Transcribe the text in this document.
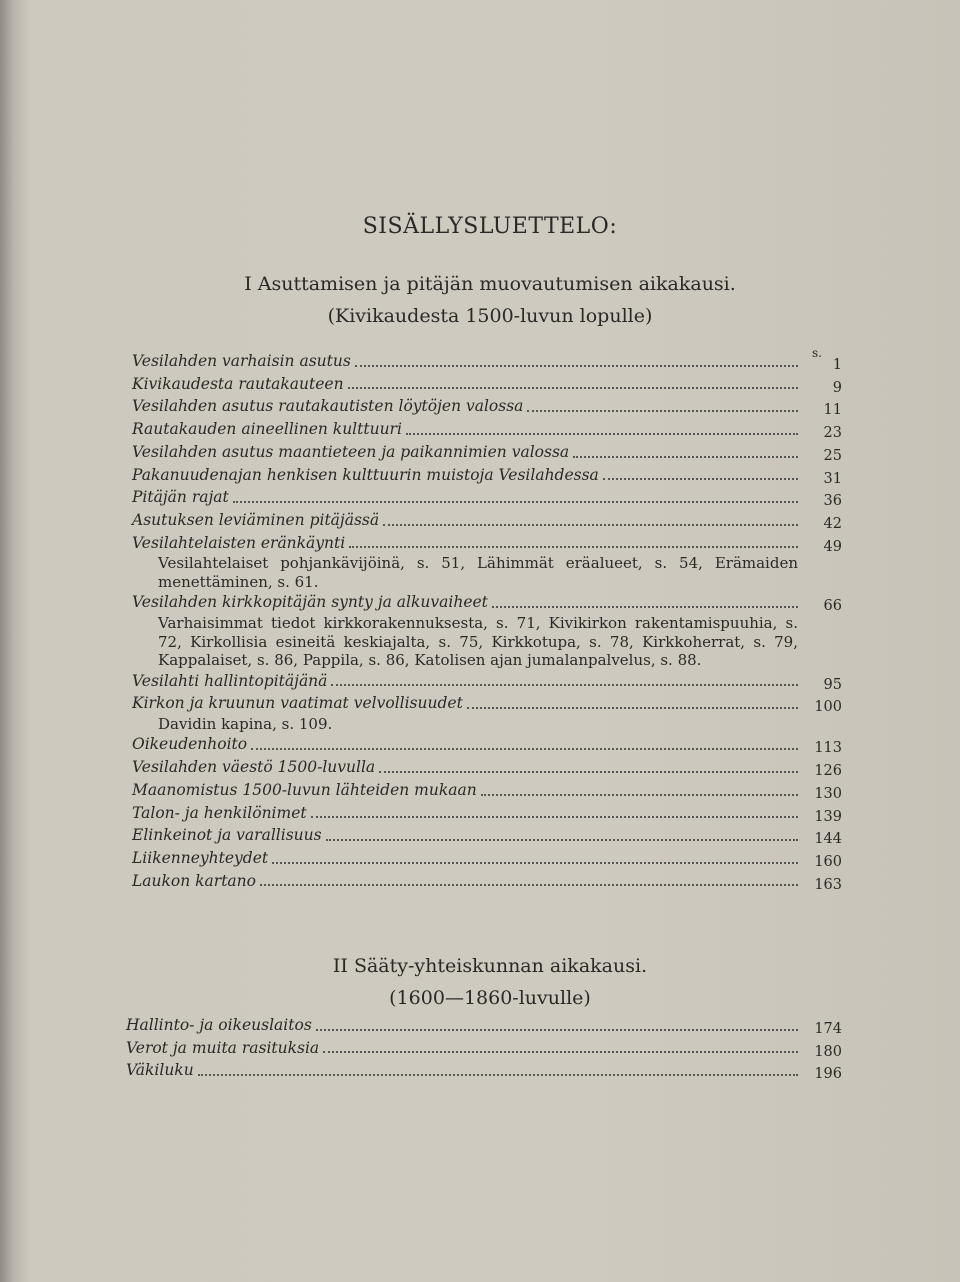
SISÄLLYSLUETTELO:
I Asuttamisen ja pitäjän muovautumisen aikakausi.
(Kivikaudesta 1500-luvun lopulle)
s.
Vesilahden varhaisin asutus	1
Kivikaudesta rautakauteen	9
Vesilahden asutus rautakautisten löytöjen valossa	11
Rautakauden aineellinen kulttuuri	23
Vesilahden asutus maantieteen ja paikannimien valossa	25
Pakanuudenajan henkisen kulttuurin muistoja Vesilahdessa	31
Pitäjän rajat	36
Asutuksen leviäminen pitäjässä	42
Vesilahtelaisten eränkäynti	49
Vesilahtelaiset pohjankävijöinä, s. 51, Lähimmät eräalueet, s. 54, Erämaiden menettäminen, s. 61.
Vesilahden kirkkopitäjän synty ja alkuvaiheet	66
Varhaisimmat tiedot kirkkorakennuksesta, s. 71, Kivikirkon rakentamispuuhia, s. 72, Kirkollisia esineitä keskiajalta, s. 75, Kirkkotupa, s. 78, Kirkkoherrat, s. 79, Kappalaiset, s. 86, Pappila, s. 86, Katolisen ajan jumalanpalvelus, s. 88.
Vesilahti hallintopitäjänä	95
Kirkon ja kruunun vaatimat velvollisuudet	100
Davidin kapina, s. 109.
Oikeudenhoito	113
Vesilahden väestö 1500-luvulla	126
Maanomistus 1500-luvun lähteiden mukaan	130
Talon- ja henkilönimet	139
Elinkeinot ja varallisuus	144
Liikenneyhteydet	160
Laukon kartano	163
II Sääty-yhteiskunnan aikakausi.
(1600—1860-luvulle)
Hallinto- ja oikeuslaitos	174
Verot ja muita rasituksia	180
Väkiluku	196
